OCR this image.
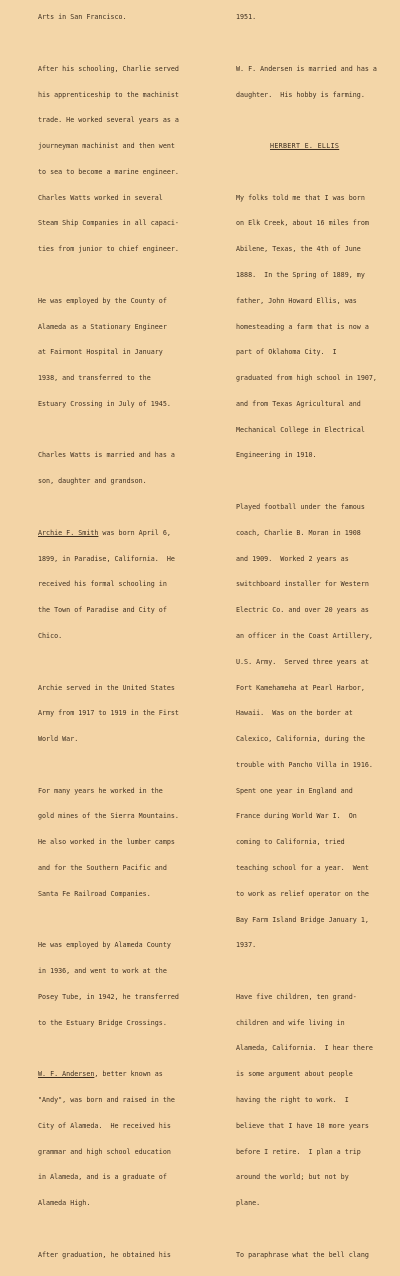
Arts in San Francisco.

After his schooling, Charlie served

his apprenticeship to the machinist

trade. He worked several years as a

journeyman machinist and then went

to sea to become a marine engineer.

Charles Watts worked in several

Steam Ship Companies in all capaci-

ties from junior to chief engineer.

He was employed by the County of

Alameda as a Stationary Engineer

at Fairmont Hospital in January

1938, and transferred to the

Estuary Crossing in July of 1945.

Charles Watts is married and has a

son, daughter and grandson.

Archie F. Smith was born April 6,

1899, in Paradise, California.  He

received his formal schooling in

the Town of Paradise and City of

Chico.

Archie served in the United States

Army from 1917 to 1919 in the First

World War.

For many years he worked in the

gold mines of the Sierra Mountains.

He also worked in the lumber camps

and for the Southern Pacific and

Santa Fe Railroad Companies.

He was employed by Alameda County

in 1936, and went to work at the

Posey Tube, in 1942, he transferred

to the Estuary Bridge Crossings.

W. F. Andersen, better known as

"Andy", was born and raised in the

City of Alameda.  He received his

grammar and high school education

in Alameda, and is a graduate of

Alameda High.

After graduation, he obtained his

1951.

W. F. Andersen is married and has a

daughter.  His hobby is farming.

HERBERT E. ELLIS

My folks told me that I was born

on Elk Creek, about 16 miles from

Abilene, Texas, the 4th of June

1888.  In the Spring of 1889, my

father, John Howard Ellis, was

homesteading a farm that is now a

part of Oklahoma City.  I

graduated from high school in 1907,

and from Texas Agricultural and

Mechanical College in Electrical

Engineering in 1910.

Played football under the famous

coach, Charlie B. Moran in 1908

and 1909.  Worked 2 years as

switchboard installer for Western

Electric Co. and over 20 years as

an officer in the Coast Artillery,

U.S. Army.  Served three years at

Fort Kamehameha at Pearl Harbor,

Hawaii.  Was on the border at

Calexico, California, during the

trouble with Pancho Villa in 1916.

Spent one year in England and

France during World War I.  On

coming to California, tried

teaching school for a year.  Went

to work as relief operator on the

Bay Farm Island Bridge January 1,

1937.

Have five children, ten grand-

children and wife living in

Alameda, California.  I hear there

is some argument about people

having the right to work.  I

believe that I have 10 more years

before I retire.  I plan a trip

around the world; but not by

plane.

To paraphrase what the bell clang
